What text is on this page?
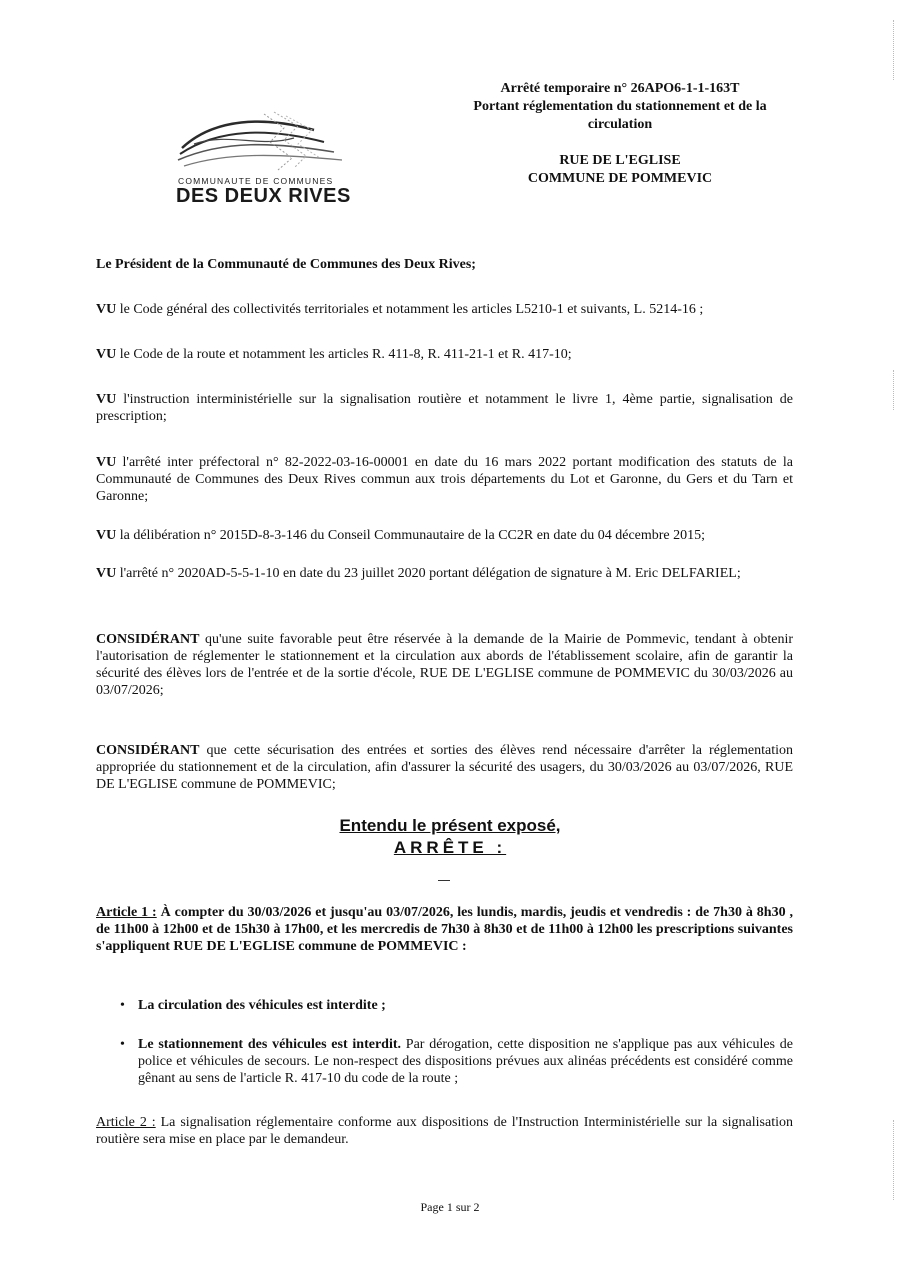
COMMUNAUTE DE COMMUNES
DES DEUX RIVES
Arrêté temporaire n° 26APO6-1-1-163T
Portant réglementation du stationnement et de la
circulation
RUE DE L'EGLISE
COMMUNE DE POMMEVIC
Le Président de la Communauté de Communes des Deux Rives;
VU le Code général des collectivités territoriales et notamment les articles L5210-1 et suivants, L. 5214-16 ;
VU le Code de la route et notamment les articles R. 411-8, R. 411-21-1 et R. 417-10;
VU l'instruction interministérielle sur la signalisation routière et notamment le livre 1, 4ème partie, signalisation de prescription;
VU l'arrêté inter préfectoral n° 82-2022-03-16-00001 en date du 16 mars 2022 portant modification des statuts de la Communauté de Communes des Deux Rives commun aux trois départements du Lot et Garonne, du Gers et du Tarn et Garonne;
VU la délibération n° 2015D-8-3-146 du Conseil Communautaire de la CC2R en date du 04 décembre 2015;
VU l'arrêté n° 2020AD-5-5-1-10 en date du 23 juillet 2020 portant délégation de signature à M. Eric DELFARIEL;
CONSIDÉRANT qu'une suite favorable peut être réservée à la demande de la Mairie de Pommevic, tendant à obtenir l'autorisation de réglementer le stationnement et la circulation aux abords de l'établissement scolaire, afin de garantir la sécurité des élèves lors de l'entrée et de la sortie d'école, RUE DE L'EGLISE commune de POMMEVIC du 30/03/2026 au 03/07/2026;
CONSIDÉRANT que cette sécurisation des entrées et sorties des élèves rend nécessaire d'arrêter la réglementation appropriée du stationnement et de la circulation, afin d'assurer la sécurité des usagers, du 30/03/2026 au 03/07/2026, RUE DE L'EGLISE commune de POMMEVIC;
Entendu le présent exposé,
ARRÊTE :
Article 1 : À compter du 30/03/2026 et jusqu'au 03/07/2026, les lundis, mardis, jeudis et vendredis : de 7h30 à 8h30 , de 11h00 à 12h00 et de 15h30 à 17h00, et les mercredis de 7h30 à 8h30 et de 11h00 à 12h00 les prescriptions suivantes s'appliquent RUE DE L'EGLISE commune de POMMEVIC :
• La circulation des véhicules est interdite ;
• Le stationnement des véhicules est interdit. Par dérogation, cette disposition ne s'applique pas aux véhicules de police et véhicules de secours. Le non-respect des dispositions prévues aux alinéas précédents est considéré comme gênant au sens de l'article R. 417-10 du code de la route ;
Article 2 : La signalisation réglementaire conforme aux dispositions de l'Instruction Interministérielle sur la signalisation routière sera mise en place par le demandeur.
Page 1 sur 2
